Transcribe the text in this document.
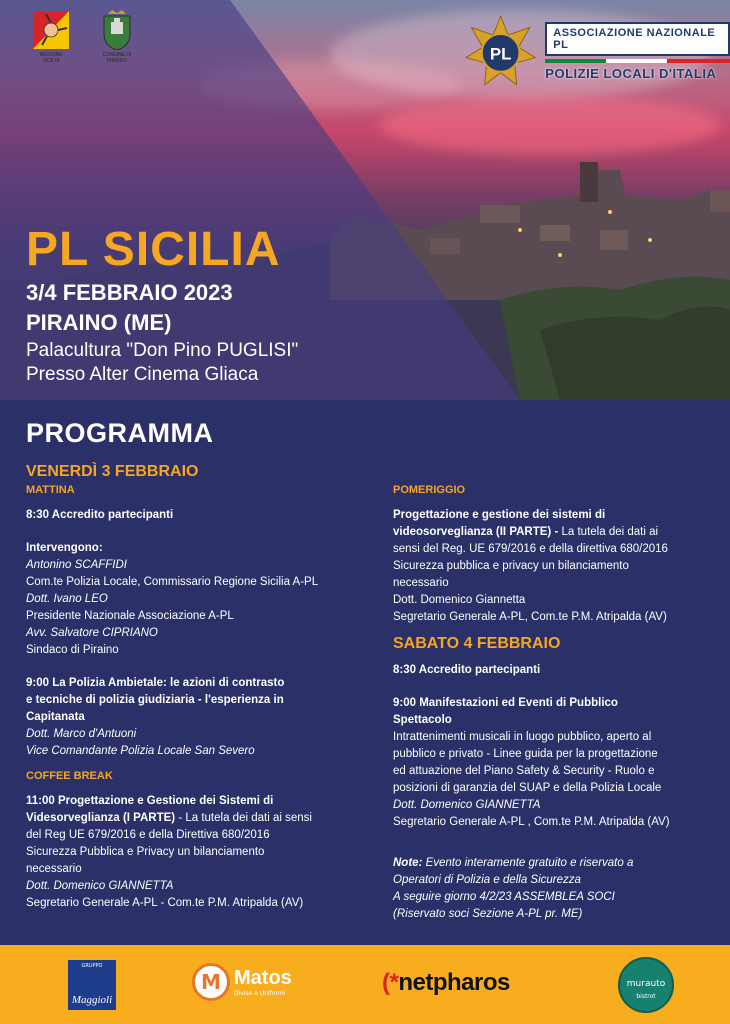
REGIONE
SICILIA
COMUNE DI
PIRAINO	PL
ASSOCIAZIONE NAZIONALE PL
POLIZIE LOCALI D'ITALIA
PL SICILIA
3/4 FEBBRAIO 2023
PIRAINO (ME)
Palacultura "Don Pino PUGLISI"
Presso Alter Cinema Gliaca
PROGRAMMA
VENERDÌ 3 FEBBRAIO
MATTINA
8:30 Accredito partecipanti
Intervengono:
Antonino SCAFFIDI
Com.te Polizia Locale, Commissario Regione Sicilia A-PL
Dott. Ivano LEO
Presidente Nazionale Associazione A-PL
Avv. Salvatore CIPRIANO
Sindaco di Piraino
9:00 La Polizia Ambietale: le azioni di contrasto
e tecniche di polizia giudiziaria - l'esperienza in
Capitanata
Dott. Marco d'Antuoni
Vice Comandante Polizia Locale San Severo
COFFEE BREAK
11:00 Progettazione e Gestione dei Sistemi di
Videsorveglianza (I PARTE) - La tutela dei dati ai sensi
del Reg UE 679/2016 e della Direttiva 680/2016
Sicurezza Pubblica e Privacy un bilanciamento
necessario
Dott. Domenico GIANNETTA
Segretario Generale A-PL - Com.te P.M. Atripalda (AV)
POMERIGGIO
Progettazione e gestione dei sistemi di
videosorveglianza (II PARTE) - La tutela dei dati ai
sensi del Reg. UE 679/2016 e della direttiva 680/2016
Sicurezza pubblica e privacy un bilanciamento
necessario
Dott. Domenico Giannetta
Segretario Generale A-PL, Com.te P.M. Atripalda (AV)
SABATO 4 FEBBRAIO
8:30 Accredito partecipanti
9:00 Manifestazioni ed Eventi di Pubblico
Spettacolo
Intrattenimenti musicali in luogo pubblico, aperto al
pubblico e privato - Linee guida per la progettazione
ed attuazione del Piano Safety & Security - Ruolo e
posizioni di garanzia del SUAP e della Polizia Locale
Dott. Domenico GIANNETTA
Segretario Generale A-PL , Com.te P.M. Atripalda (AV)
Note: Evento interamente gratuito e riservato a
Operatori di Polizia e della Sicurezza
A seguire giorno 4/2/23 ASSEMBLEA SOCI
(Riservato soci Sezione A-PL pr. ME)
GRUPPO
Maggioli
M Matos
Divise e Uniformi	(*netpharos	murauto
bistrot
